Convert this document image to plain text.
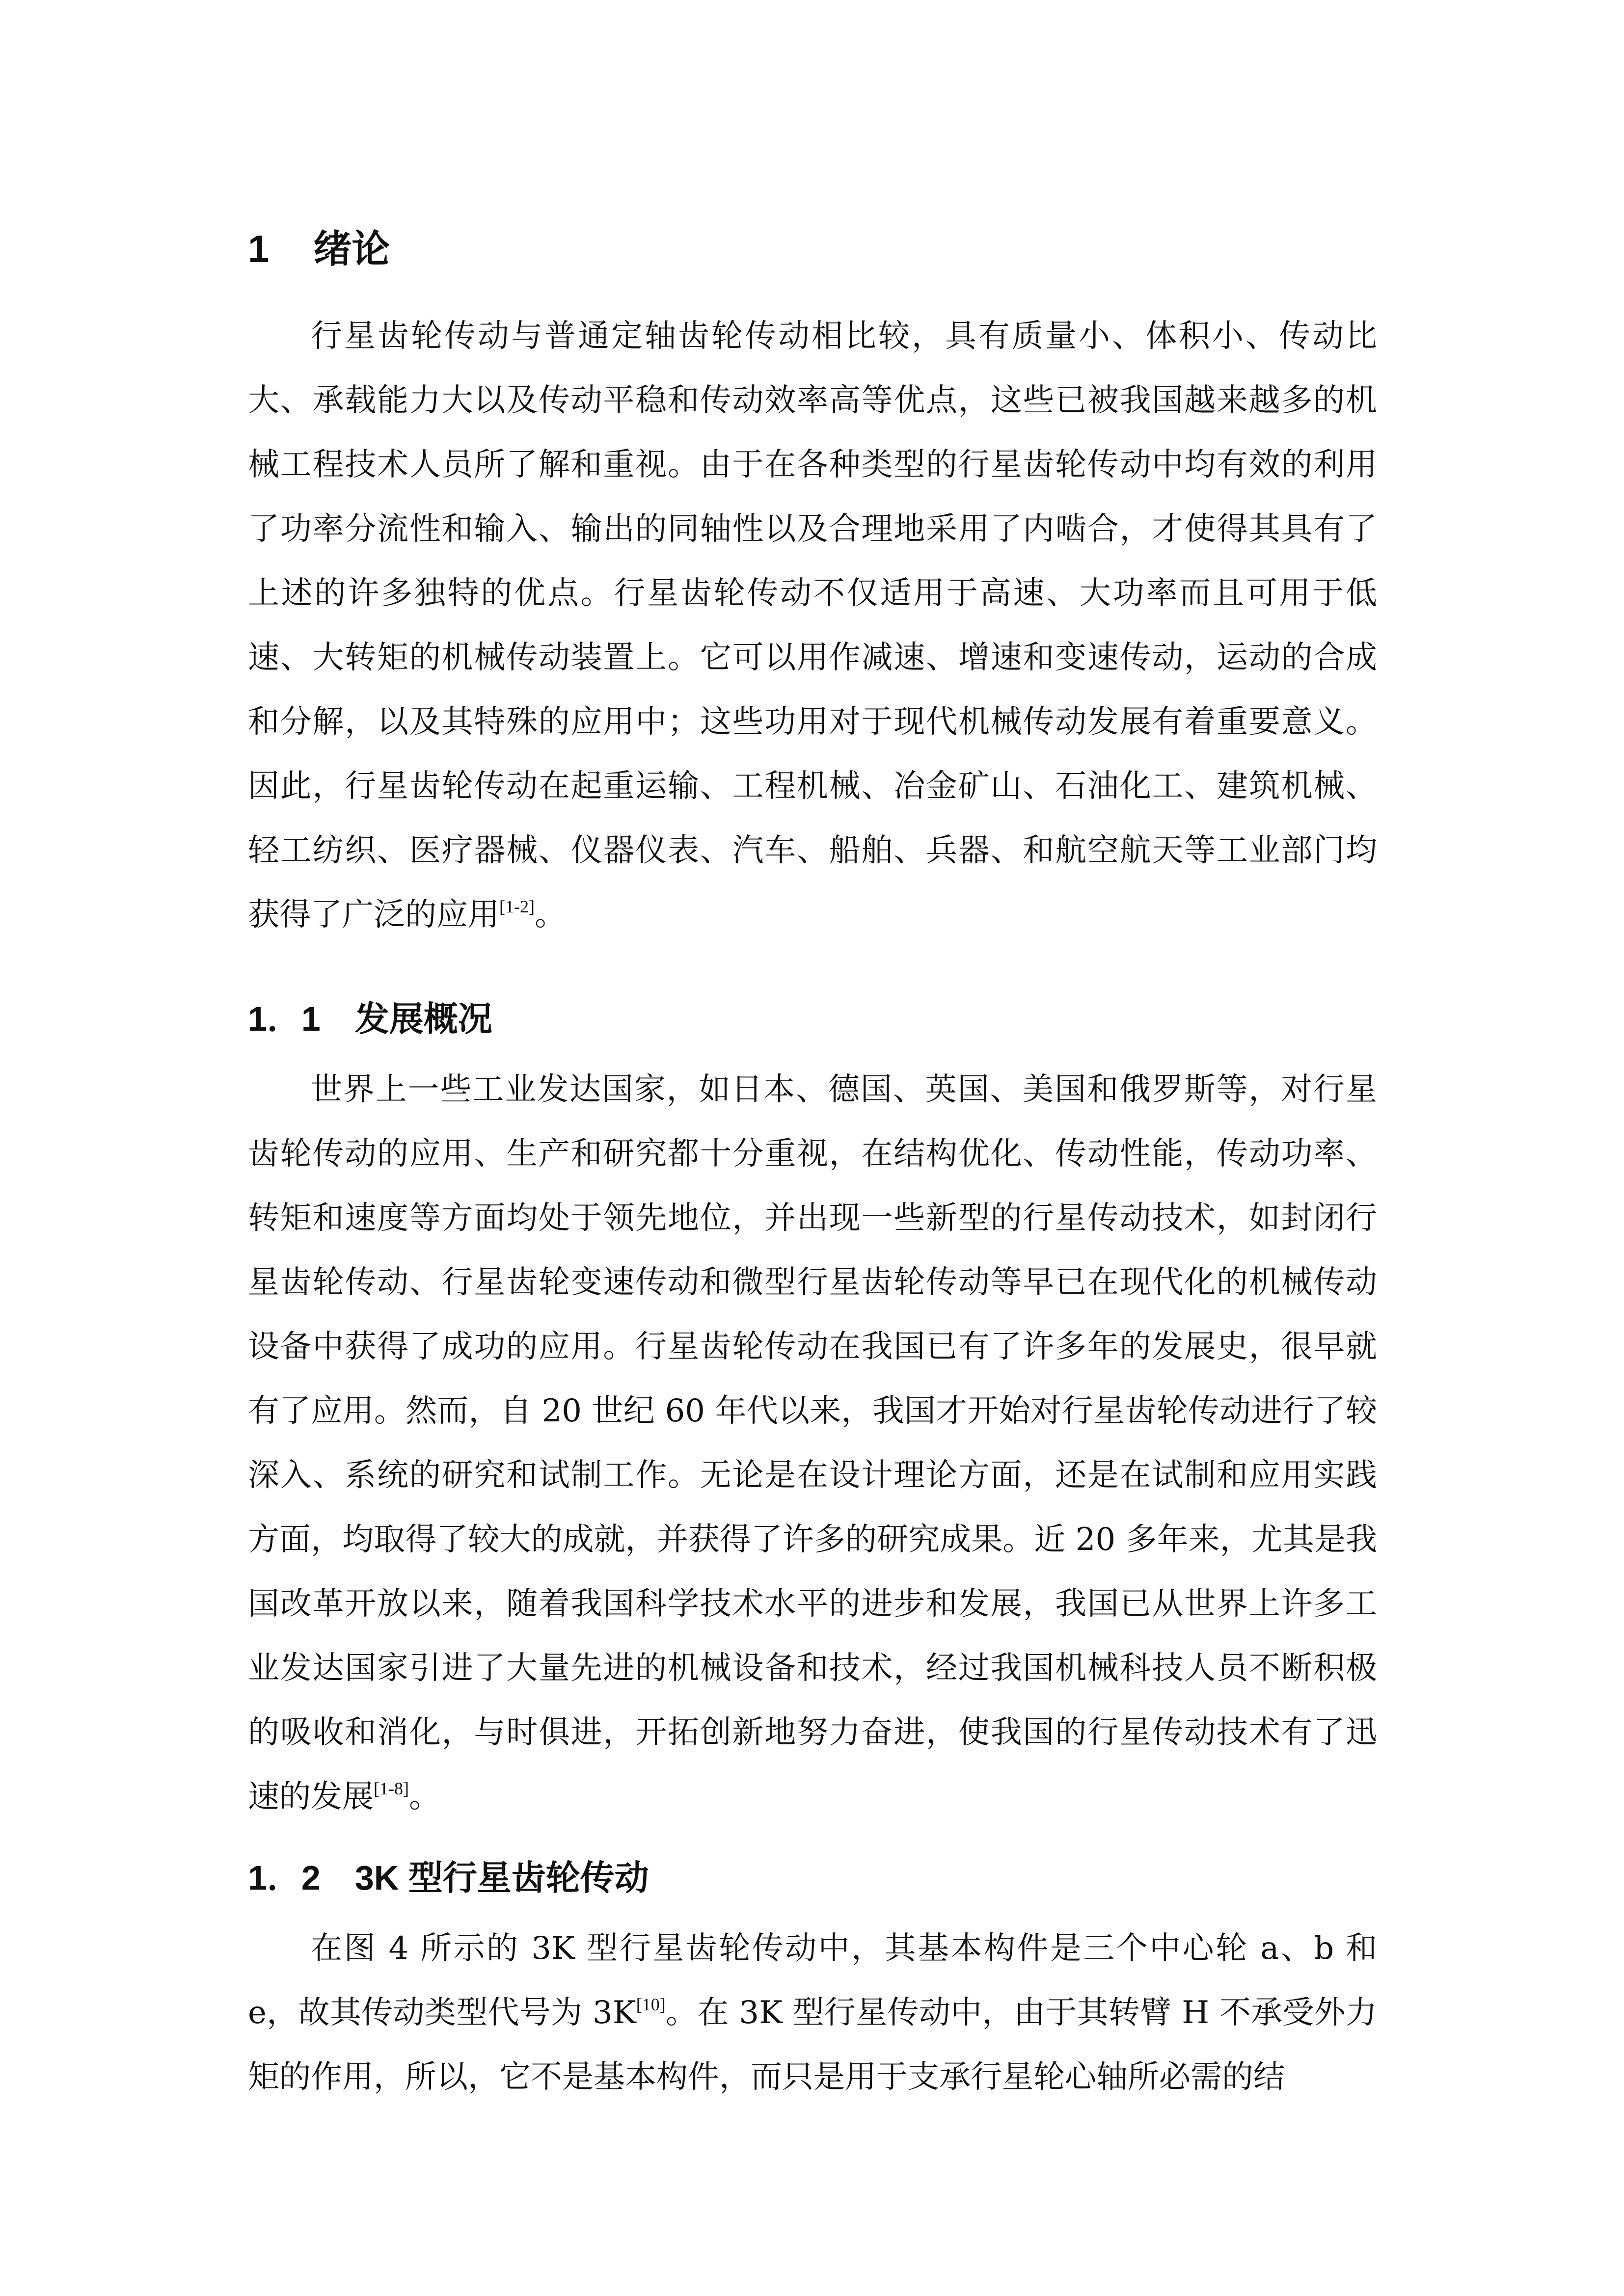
1 绪论

行星齿轮传动与普通定轴齿轮传动相比较，具有质量小、体积小、传动比大、承载能力大以及传动平稳和传动效率高等优点，这些已被我国越来越多的机械工程技术人员所了解和重视。由于在各种类型的行星齿轮传动中均有效的利用了功率分流性和输入、输出的同轴性以及合理地采用了内啮合，才使得其具有了上述的许多独特的优点。行星齿轮传动不仅适用于高速、大功率而且可用于低速、大转矩的机械传动装置上。它可以用作减速、增速和变速传动，运动的合成和分解，以及其特殊的应用中；这些功用对于现代机械传动发展有着重要意义。因此，行星齿轮传动在起重运输、工程机械、冶金矿山、石油化工、建筑机械、轻工纺织、医疗器械、仪器仪表、汽车、船舶、兵器、和航空航天等工业部门均获得了广泛的应用[1-2]。

1．1 发展概况

世界上一些工业发达国家，如日本、德国、英国、美国和俄罗斯等，对行星齿轮传动的应用、生产和研究都十分重视，在结构优化、传动性能，传动功率、转矩和速度等方面均处于领先地位，并出现一些新型的行星传动技术，如封闭行星齿轮传动、行星齿轮变速传动和微型行星齿轮传动等早已在现代化的机械传动设备中获得了成功的应用。行星齿轮传动在我国已有了许多年的发展史，很早就有了应用。然而，自 20 世纪 60 年代以来，我国才开始对行星齿轮传动进行了较深入、系统的研究和试制工作。无论是在设计理论方面，还是在试制和应用实践方面，均取得了较大的成就，并获得了许多的研究成果。近 20 多年来，尤其是我国改革开放以来，随着我国科学技术水平的进步和发展，我国已从世界上许多工业发达国家引进了大量先进的机械设备和技术，经过我国机械科技人员不断积极的吸收和消化，与时俱进，开拓创新地努力奋进，使我国的行星传动技术有了迅速的发展[1-8]。

1．2 3K 型行星齿轮传动

在图 4 所示的 3K 型行星齿轮传动中，其基本构件是三个中心轮 a、b 和 e，故其传动类型代号为 3K[10]。在 3K 型行星传动中，由于其转臂 H 不承受外力矩的作用，所以，它不是基本构件，而只是用于支承行星轮心轴所必需的结
